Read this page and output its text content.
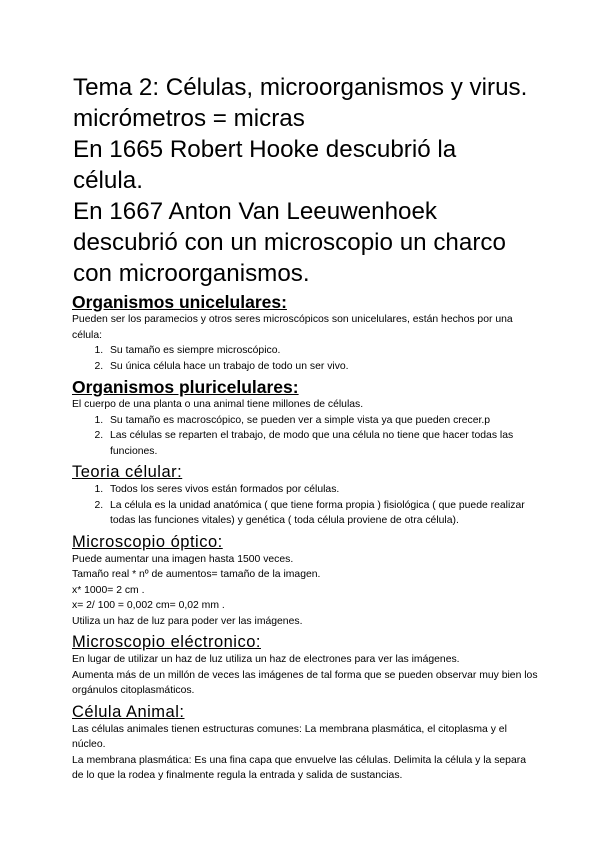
Tema 2: Células, microorganismos y virus.

micrómetros = micras

En 1665 Robert Hooke descubrió la

célula.

En 1667 Anton Van Leeuwenhoek

descubrió con un microscopio un charco

con microorganismos.

Organismos unicelulares:

Pueden ser los paramecios y otros seres microscópicos son unicelulares, están hechos por una célula:

1. Su tamaño es siempre microscópico.
2. Su única célula hace un trabajo de todo un ser vivo.
Organismos pluricelulares:

El cuerpo de una planta o una animal tiene millones de células.

1. Su tamaño es macroscópico, se pueden ver a simple vista ya que pueden crecer.p
2. Las células se reparten el trabajo, de modo que una célula no tiene que hacer todas las funciones.
Teoria célular:
1. Todos los seres vivos están formados por células.
2. La célula es la unidad anatómica ( que tiene forma propia ) fisiológica ( que puede realizar todas las funciones vitales) y genética ( toda célula proviene de otra célula).
Microscopio óptico:

Puede aumentar una imagen hasta 1500 veces.

Tamaño real * nº de aumentos= tamaño de la imagen.

x* 1000= 2 cm .

x= 2/ 100 = 0,002 cm= 0,02 mm .

Utiliza un haz de luz para poder ver las imágenes.

Microscopio eléctronico:

En lugar de utilizar un haz de luz utiliza un haz de electrones para ver las imágenes.

Aumenta más de un millón de veces las imágenes de tal forma que se pueden observar muy bien los orgánulos citoplasmáticos.

Célula Animal:

Las células animales tienen estructuras comunes: La membrana plasmática, el citoplasma y el núcleo.

La membrana plasmática: Es una fina capa que envuelve las células. Delimita la célula y la separa de lo que la rodea y finalmente regula la entrada y salida de sustancias.
